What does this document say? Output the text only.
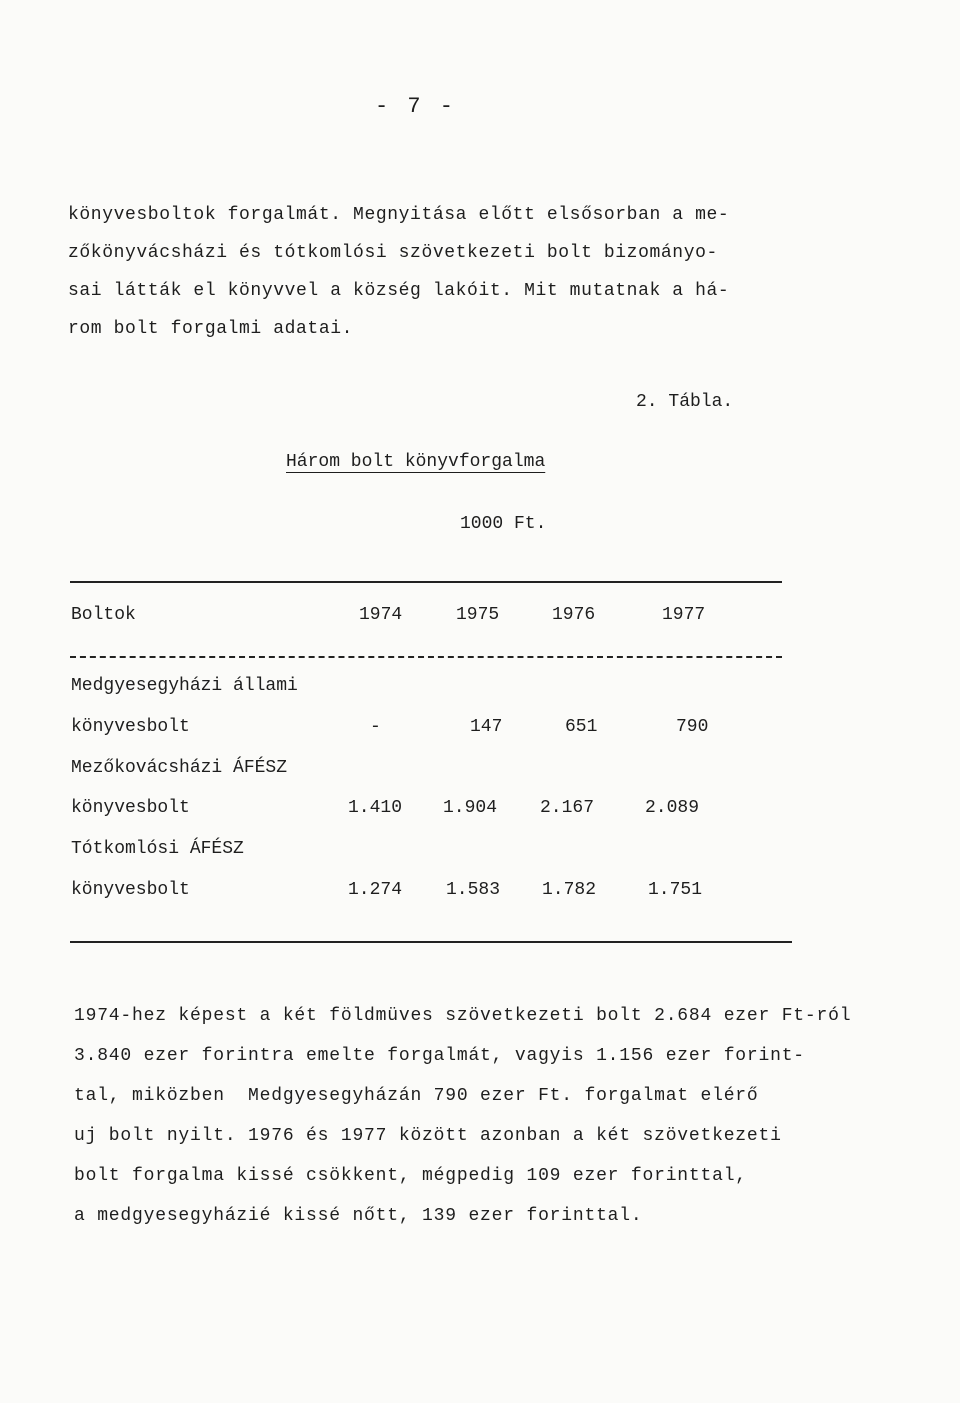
- 7 -
könyvesboltok forgalmát. Megnyitása előtt elsősorban a me-
zőkönyvácsházi és tótkomlósi szövetkezeti bolt bizományo-
sai látták el könyvvel a község lakóit. Mit mutatnak a há-
rom bolt forgalmi adatai.
2. Tábla.
Három bolt könyvforgalma
1000 Ft.
Boltok	1974	1975	1976	1977
Medgyesegyházi állami
könyvesbolt	-	147	651	790
Mezőkovácsházi ÁFÉSZ
könyvesbolt	1.410 1.904 2.167	2.089
Tótkomlósi ÁFÉSZ
könyvesbolt	1.274 1.583 1.782	1.751
1974-hez képest a két földmüves szövetkezeti bolt 2.684 ezer Ft-ról
3.840 ezer forintra emelte forgalmát, vagyis 1.156 ezer forint-
tal, miközben  Medgyesegyházán 790 ezer Ft. forgalmat elérő
uj bolt nyilt. 1976 és 1977 között azonban a két szövetkezeti
bolt forgalma kissé csökkent, mégpedig 109 ezer forinttal,
a medgyesegyházié kissé nőtt, 139 ezer forinttal.
